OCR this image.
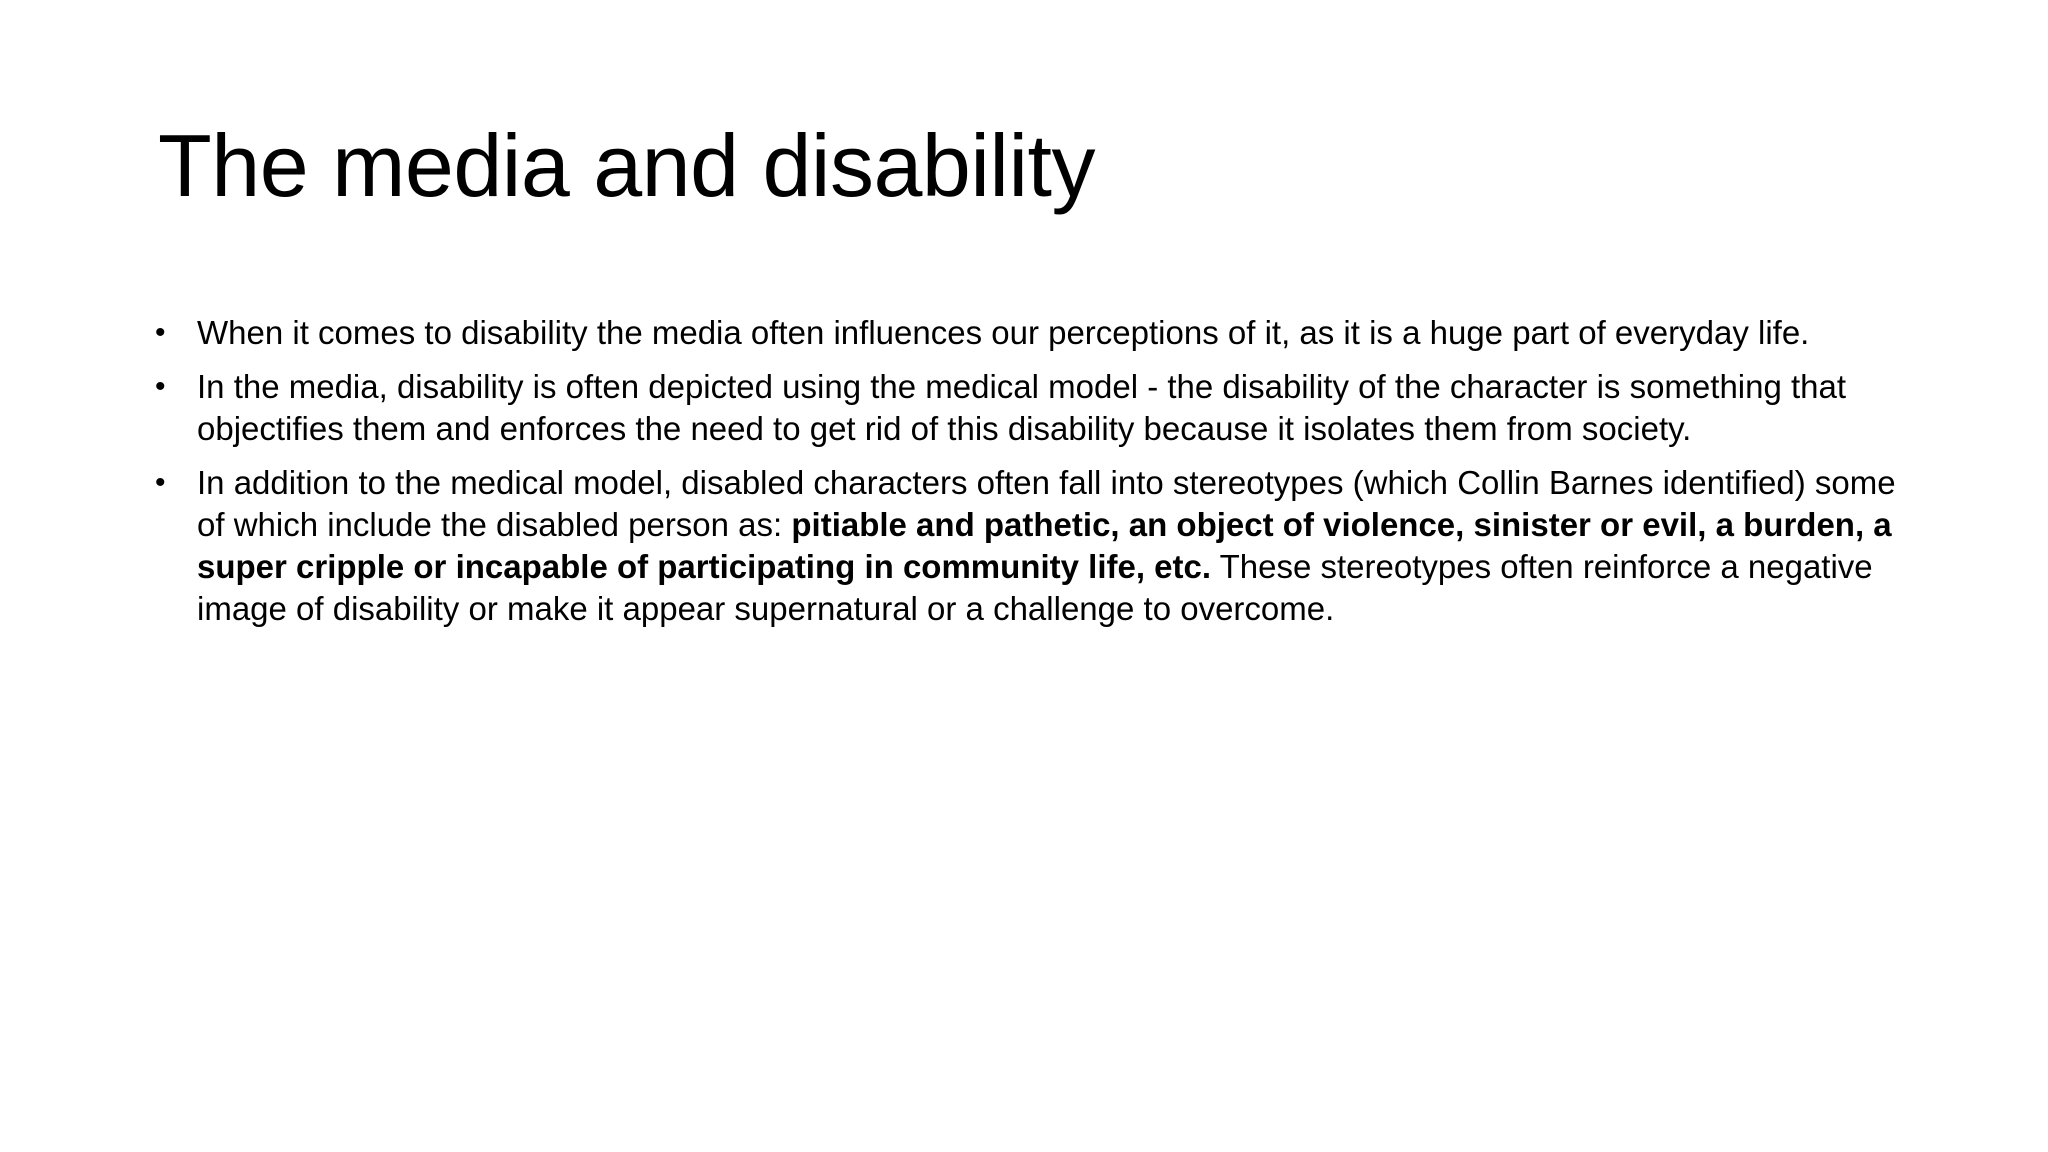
The media and disability
• When it comes to disability the media often influences our perceptions of it, as it is a huge part of everyday life.
• In the media, disability is often depicted using the medical model - the disability of the character is something that objectifies them and enforces the need to get rid of this disability because it isolates them from society.
• In addition to the medical model, disabled characters often fall into stereotypes (which Collin Barnes identified) some of which include the disabled person as: pitiable and pathetic, an object of violence, sinister or evil, a burden, a super cripple or incapable of participating in community life, etc. These stereotypes often reinforce a negative image of disability or make it appear supernatural or a challenge to overcome.
